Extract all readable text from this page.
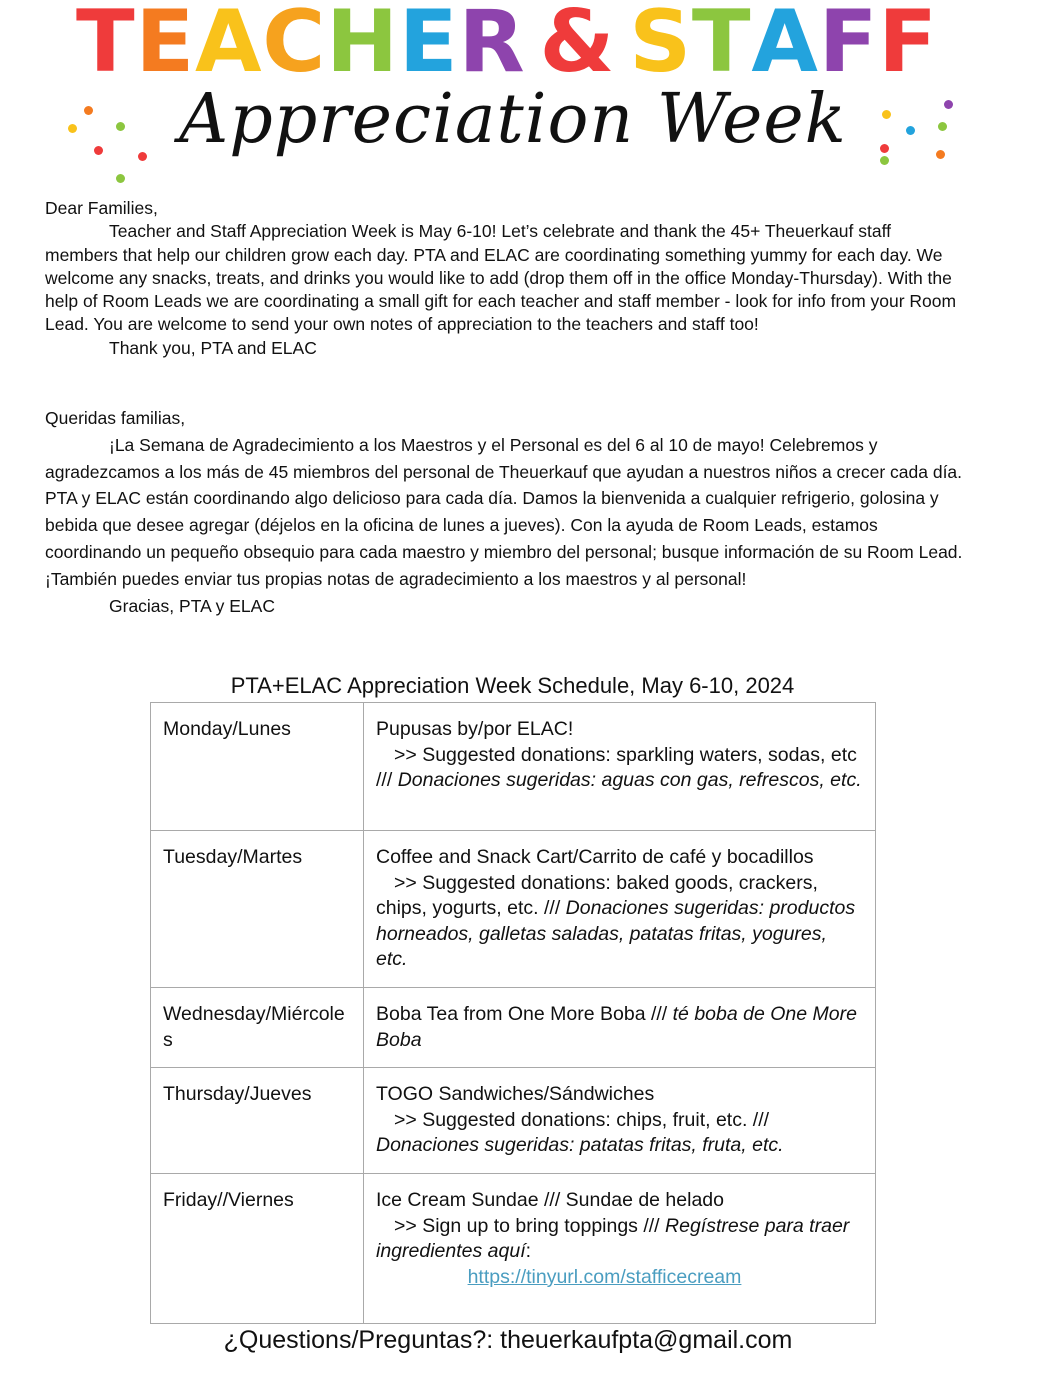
T E A C H E R & S T A F F
Appreciation Week

Dear Families,

Teacher and Staff Appreciation Week is May 6-10! Let’s celebrate and thank the 45+ Theuerkauf staff members that help our children grow each day. PTA and ELAC are coordinating something yummy for each day. We welcome any snacks, treats, and drinks you would like to add (drop them off in the office Monday-Thursday). With the help of Room Leads we are coordinating a small gift for each teacher and staff member - look for info from your Room Lead. You are welcome to send your own notes of appreciation to the teachers and staff too!

Thank you, PTA and ELAC

Queridas familias,

¡La Semana de Agradecimiento a los Maestros y el Personal es del 6 al 10 de mayo! Celebremos y agradezcamos a los más de 45 miembros del personal de Theuerkauf que ayudan a nuestros niños a crecer cada día. PTA y ELAC están coordinando algo delicioso para cada día. Damos la bienvenida a cualquier refrigerio, golosina y bebida que desee agregar (déjelos en la oficina de lunes a jueves). Con la ayuda de Room Leads, estamos coordinando un pequeño obsequio para cada maestro y miembro del personal; busque información de su Room Lead. ¡También puedes enviar tus propias notas de agradecimiento a los maestros y al personal!

Gracias, PTA y ELAC

PTA+ELAC Appreciation Week Schedule, May 6-10, 2024
Monday/Lunes	Pupusas by/por ELAC!
>> Suggested donations: sparkling waters, sodas, etc /// Donaciones sugeridas: aguas con gas, refrescos, etc.

Tuesday/Martes	Coffee and Snack Cart/Carrito de café y bocadillos
>> Suggested donations: baked goods, crackers, chips, yogurts, etc. /// Donaciones sugeridas: productos horneados, galletas saladas, patatas fritas, yogures, etc.

Wednesday/Miércoles	Boba Tea from One More Boba /// té boba de One More Boba
Thursday/Jueves	TOGO Sandwiches/Sándwiches
>> Suggested donations: chips, fruit, etc. /// Donaciones sugeridas: patatas fritas, fruta, etc.

Friday//Viernes	Ice Cream Sundae /// Sundae de helado
>> Sign up to bring toppings /// Regístrese para traer ingredientes aquí:
https://tinyurl.com/stafficecream
¿Questions/Preguntas?: theuerkaufpta@gmail.com
